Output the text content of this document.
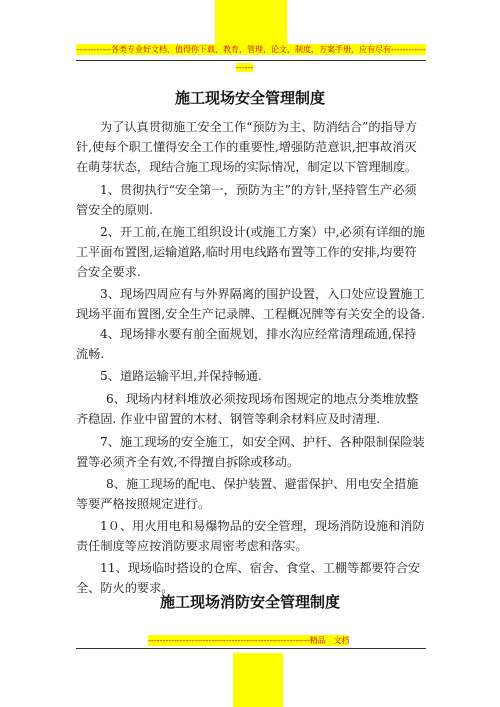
------------各类专业好文档，值得你下载，教育，管理，论文，制度，方案手册，应有尽有------------
------
施工现场安全管理制度

为了认真贯彻施工安全工作“预防为主、防消结合”的指导方针,使每个职工懂得安全工作的重要性,增强防范意识,把事故消灭在萌芽状态，现结合施工现场的实际情况，制定以下管理制度。

1、贯彻执行“安全第一，预防为主”的方针,坚持管生产必须管安全的原则.

2、开工前,在施工组织设计(或施工方案）中,必须有详细的施工平面布置图,运输道路,临时用电线路布置等工作的安排,均要符合安全要求.

3、现场四周应有与外界隔离的围护设置，入口处应设置施工现场平面布置图,安全生产记录牌、工程概况牌等有关安全的设备.

4、现场排水要有前全面规划，排水沟应经常清理疏通,保持流畅.

5、道路运输平坦,并保持畅通.

6、现场内材料堆放必须按现场布图规定的地点分类堆放整齐稳固. 作业中留置的木材、钢管等剩余材料应及时清理.

7、施工现场的安全施工，如安全网、护杆、各种限制保险装置等必须齐全有效,不得擅自拆除或移动。

8、施工现场的配电、保护装置、避雷保护、用电安全措施等要严格按照规定进行。

1０、用火用电和易爆物品的安全管理，现场消防设施和消防责任制度等应按消防要求周密考虑和落实。

11、现场临时搭设的仓库、宿舍、食堂、工棚等都要符合安全、防火的要求。

施工现场消防安全管理制度
--------------------------------------------------------精品　文档
